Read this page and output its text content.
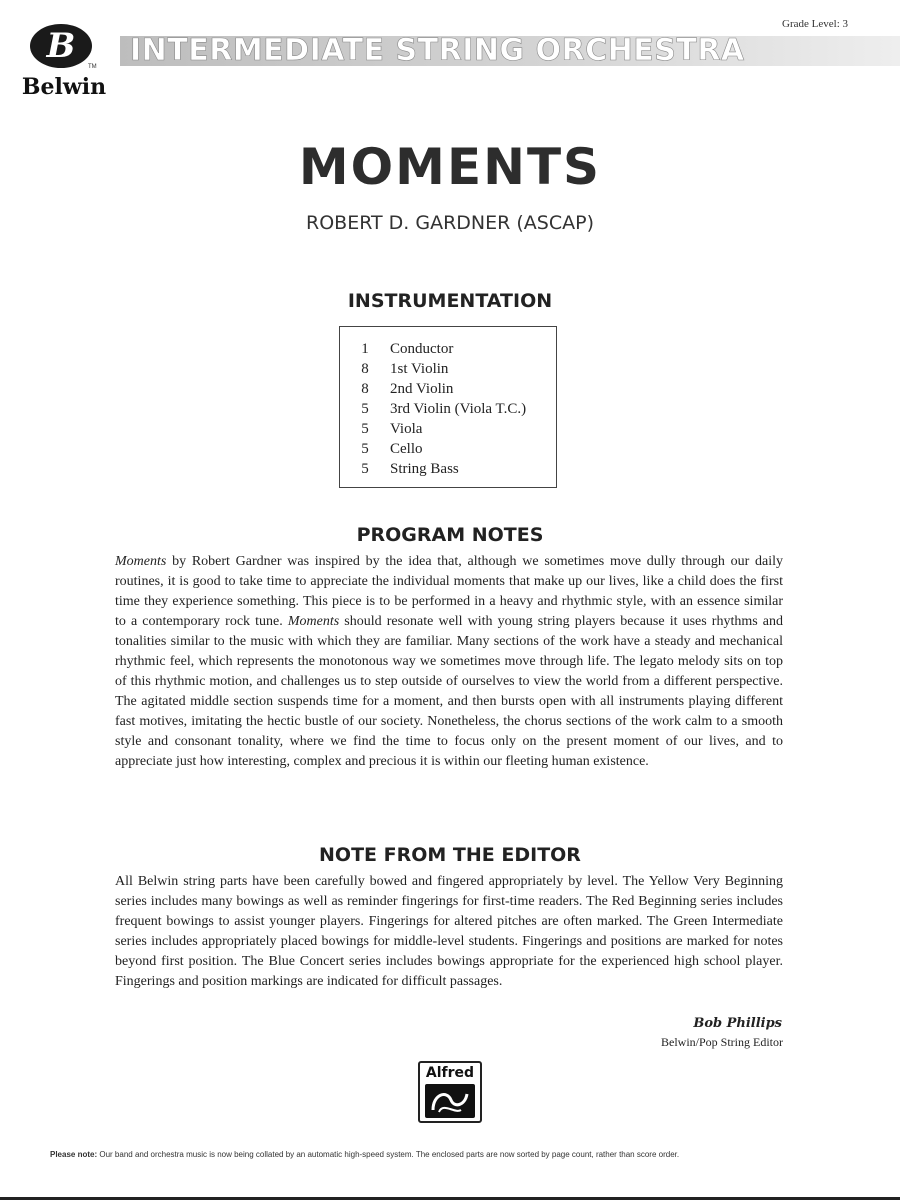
B
TM
Belwin
Grade Level: 3
INTERMEDIATE STRING ORCHESTRA
MOMENTS
ROBERT D. GARDNER (ASCAP)
INSTRUMENTATION
1	Conductor
8	1st Violin
8	2nd Violin
5	3rd Violin (Viola T.C.)
5	Viola
5	Cello
5	String Bass
PROGRAM NOTES

Moments by Robert Gardner was inspired by the idea that, although we sometimes move dully through our daily routines, it is good to take time to appreciate the individual moments that make up our lives, like a child does the first time they experience something. This piece is to be performed in a heavy and rhythmic style, with an essence similar to a contemporary rock tune. Moments should resonate well with young string players because it uses rhythms and tonalities similar to the music with which they are familiar. Many sections of the work have a steady and mechanical rhythmic feel, which represents the monotonous way we sometimes move through life. The legato melody sits on top of this rhythmic motion, and challenges us to step outside of ourselves to view the world from a different perspective. The agitated middle section suspends time for a moment, and then bursts open with all instruments playing different fast motives, imitating the hectic bustle of our society. Nonetheless, the chorus sections of the work calm to a smooth style and consonant tonality, where we find the time to focus only on the present moment of our lives, and to appreciate just how interesting, complex and precious it is within our fleeting human existence.

NOTE FROM THE EDITOR

All Belwin string parts have been carefully bowed and fingered appropriately by level. The Yellow Very Beginning series includes many bowings as well as reminder fingerings for first-time readers. The Red Beginning series includes frequent bowings to assist younger players. Fingerings for altered pitches are often marked. The Green Intermediate series includes appropriately placed bowings for middle-level students. Fingerings and positions are marked for notes beyond first position. The Blue Concert series includes bowings appropriate for the experienced high school player. Fingerings and position markings are indicated for difficult passages.

Bob Phillips
Belwin/Pop String Editor
Alfred
Please note: Our band and orchestra music is now being collated by an automatic high-speed system. The enclosed parts are now sorted by page count, rather than score order.
